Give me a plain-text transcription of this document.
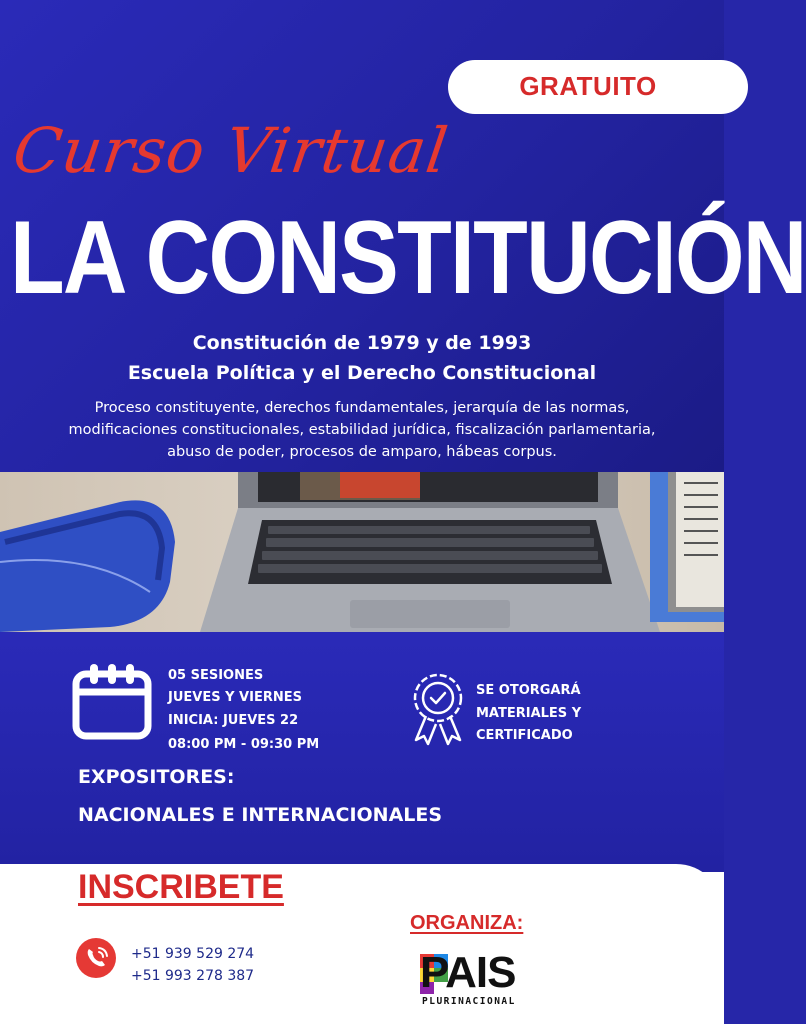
GRATUITO
Curso Virtual
LA CONSTITUCIÓN
Constitución de 1979 y de 1993
Escuela Política y el Derecho Constitucional
Proceso constituyente, derechos fundamentales, jerarquía de las normas,
modificaciones constitucionales, estabilidad jurídica, fiscalización parlamentaria,
abuso de poder, procesos de amparo, hábeas corpus.
05 SESIONES
JUEVES Y VIERNES
INICIA: JUEVES 22
08:00 PM - 09:30 PM
SE OTORGARÁ
MATERIALES Y
CERTIFICADO
EXPOSITORES:
NACIONALES E INTERNACIONALES
INSCRIBETE
+51 939 529 274
+51 993 278 387
ORGANIZA:
PAIS
PLURINACIONAL
